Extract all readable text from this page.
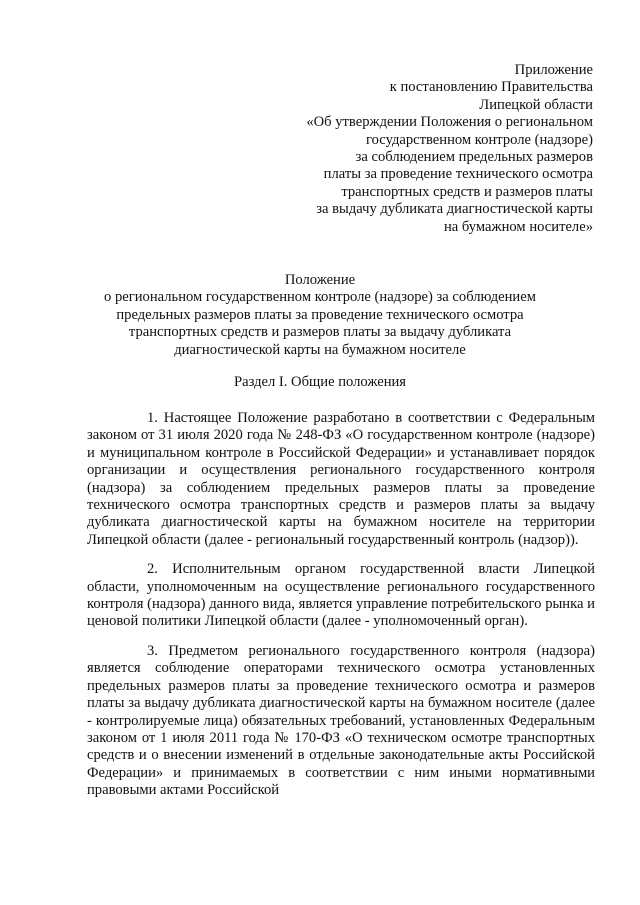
Приложение
к постановлению Правительства
Липецкой области
«Об утверждении Положения о региональном
государственном контроле (надзоре)
за соблюдением предельных размеров
платы за проведение технического осмотра
транспортных средств и размеров платы
за выдачу дубликата диагностической карты
на бумажном носителе»
Положение
о региональном государственном контроле (надзоре) за соблюдением
предельных размеров платы за проведение технического осмотра
транспортных средств и размеров платы за выдачу дубликата
диагностической карты на бумажном носителе
Раздел I. Общие положения

1. Настоящее Положение разработано в соответствии с Федеральным законом от 31 июля 2020 года № 248-ФЗ «О государственном контроле (надзоре) и муниципальном контроле в Российской Федерации» и устанавливает порядок организации и осуществления регионального государственного контроля (надзора) за соблюдением предельных размеров платы за проведение технического осмотра транспортных средств и размеров платы за выдачу дубликата диагностической карты на бумажном носителе на территории Липецкой области (далее - региональный государственный контроль (надзор)).

2. Исполнительным органом государственной власти Липецкой области, уполномоченным на осуществление регионального государственного контроля (надзора) данного вида, является управление потребительского рынка и ценовой политики Липецкой области (далее - уполномоченный орган).

3. Предметом регионального государственного контроля (надзора) является соблюдение операторами технического осмотра установленных предельных размеров платы за проведение технического осмотра и размеров платы за выдачу дубликата диагностической карты на бумажном носителе (далее - контролируемые лица) обязательных требований, установленных Федеральным законом от 1 июля 2011 года № 170-ФЗ «О техническом осмотре транспортных средств и о внесении изменений в отдельные законодательные акты Российской Федерации» и принимаемых в соответствии с ним иными нормативными правовыми актами Российской
